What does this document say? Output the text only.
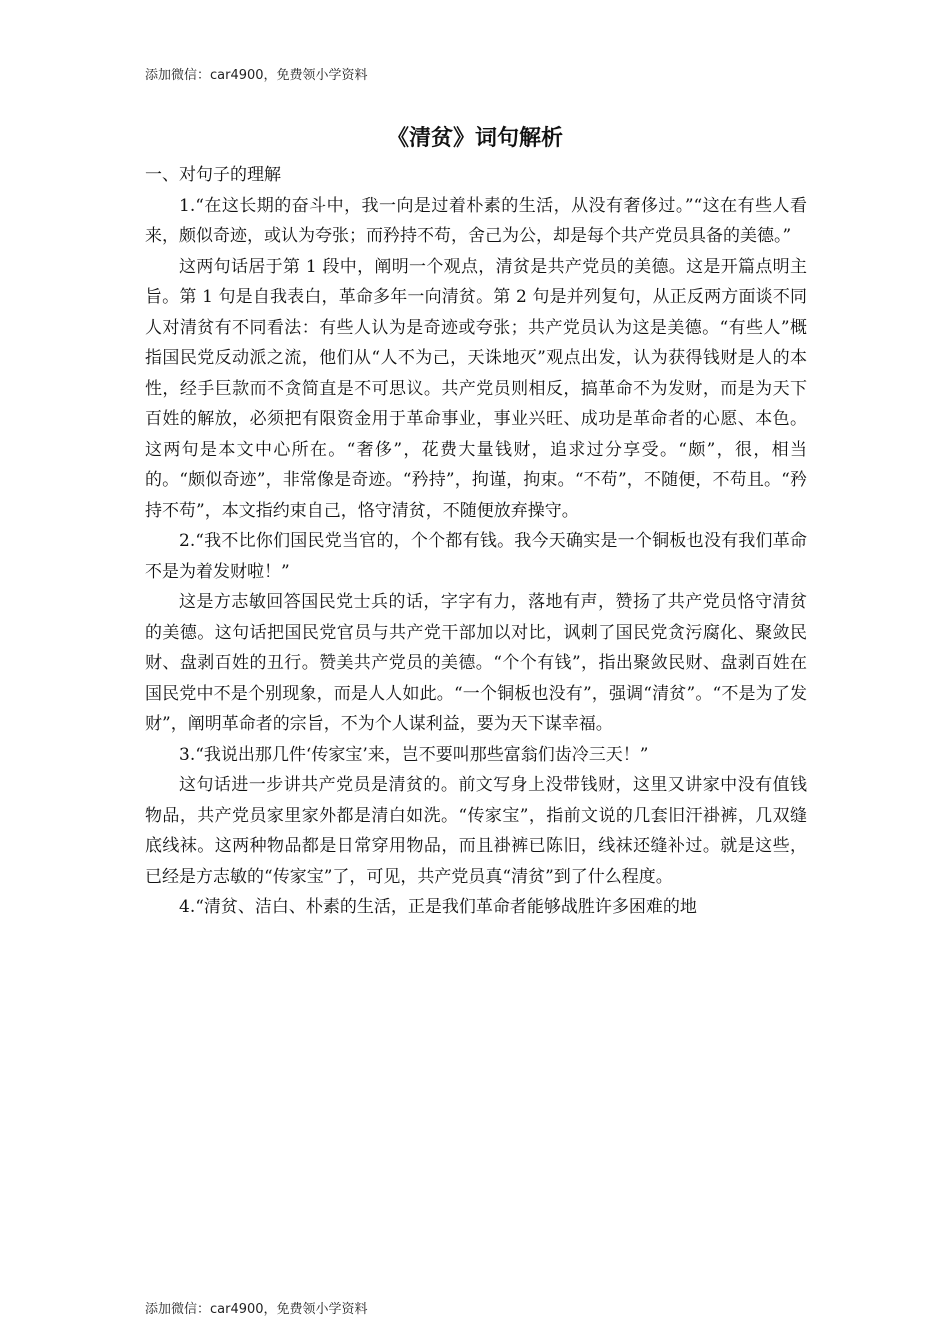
添加微信：car4900，免费领小学资料
《清贫》词句解析

一、对句子的理解

1.“在这长期的奋斗中，我一向是过着朴素的生活，从没有奢侈过。”“这在有些人看来，颇似奇迹，或认为夸张；而矜持不苟，舍己为公，却是每个共产党员具备的美德。”

这两句话居于第 1 段中，阐明一个观点，清贫是共产党员的美德。这是开篇点明主旨。第 1 句是自我表白，革命多年一向清贫。第 2 句是并列复句，从正反两方面谈不同人对清贫有不同看法：有些人认为是奇迹或夸张；共产党员认为这是美德。“有些人”概指国民党反动派之流，他们从“人不为己，天诛地灭”观点出发，认为获得钱财是人的本性，经手巨款而不贪简直是不可思议。共产党员则相反，搞革命不为发财，而是为天下百姓的解放，必须把有限资金用于革命事业，事业兴旺、成功是革命者的心愿、本色。这两句是本文中心所在。“奢侈”，花费大量钱财，追求过分享受。“颇”，很，相当的。“颇似奇迹”，非常像是奇迹。“矜持”，拘谨，拘束。“不苟”，不随便，不苟且。“矜持不苟”，本文指约束自己，恪守清贫，不随便放弃操守。

2.“我不比你们国民党当官的，个个都有钱。我今天确实是一个铜板也没有我们革命不是为着发财啦！”

这是方志敏回答国民党士兵的话，字字有力，落地有声，赞扬了共产党员恪守清贫的美德。这句话把国民党官员与共产党干部加以对比，讽刺了国民党贪污腐化、聚敛民财、盘剥百姓的丑行。赞美共产党员的美德。“个个有钱”，指出聚敛民财、盘剥百姓在国民党中不是个别现象，而是人人如此。“一个铜板也没有”，强调“清贫”。“不是为了发财”，阐明革命者的宗旨，不为个人谋利益，要为天下谋幸福。

3.“我说出那几件‘传家宝’来，岂不要叫那些富翁们齿冷三天！”

这句话进一步讲共产党员是清贫的。前文写身上没带钱财，这里又讲家中没有值钱物品，共产党员家里家外都是清白如洗。“传家宝”，指前文说的几套旧汗褂裤，几双缝底线袜。这两种物品都是日常穿用物品，而且褂裤已陈旧，线袜还缝补过。就是这些，已经是方志敏的“传家宝”了，可见，共产党员真“清贫”到了什么程度。

4.“清贫、洁白、朴素的生活，正是我们革命者能够战胜许多困难的地

添加微信：car4900，免费领小学资料
